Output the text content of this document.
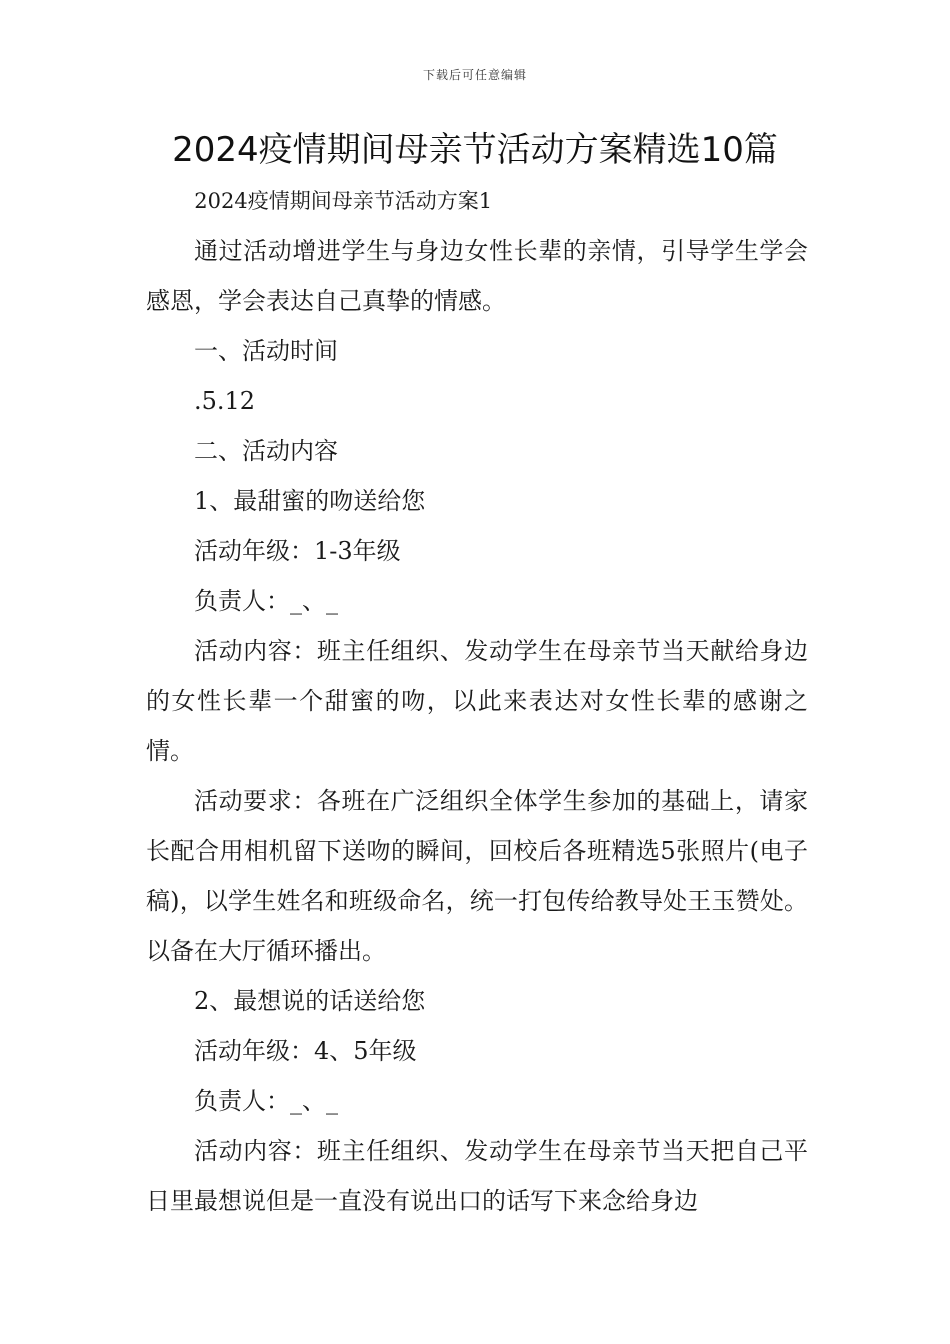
下载后可任意编辑
2024疫情期间母亲节活动方案精选10篇

2024疫情期间母亲节活动方案1

通过活动增进学生与身边女性长辈的亲情，引导学生学会感恩，学会表达自己真挚的情感。

一、活动时间

.5.12

二、活动内容

1、最甜蜜的吻送给您

活动年级：1-3年级

负责人：_、_

活动内容：班主任组织、发动学生在母亲节当天献给身边的女性长辈一个甜蜜的吻，以此来表达对女性长辈的感谢之情。

活动要求：各班在广泛组织全体学生参加的基础上，请家长配合用相机留下送吻的瞬间，回校后各班精选5张照片(电子稿)，以学生姓名和班级命名，统一打包传给教导处王玉赞处。以备在大厅循环播出。

2、最想说的话送给您

活动年级：4、5年级

负责人：_、_

活动内容：班主任组织、发动学生在母亲节当天把自己平日里最想说但是一直没有说出口的话写下来念给身边
